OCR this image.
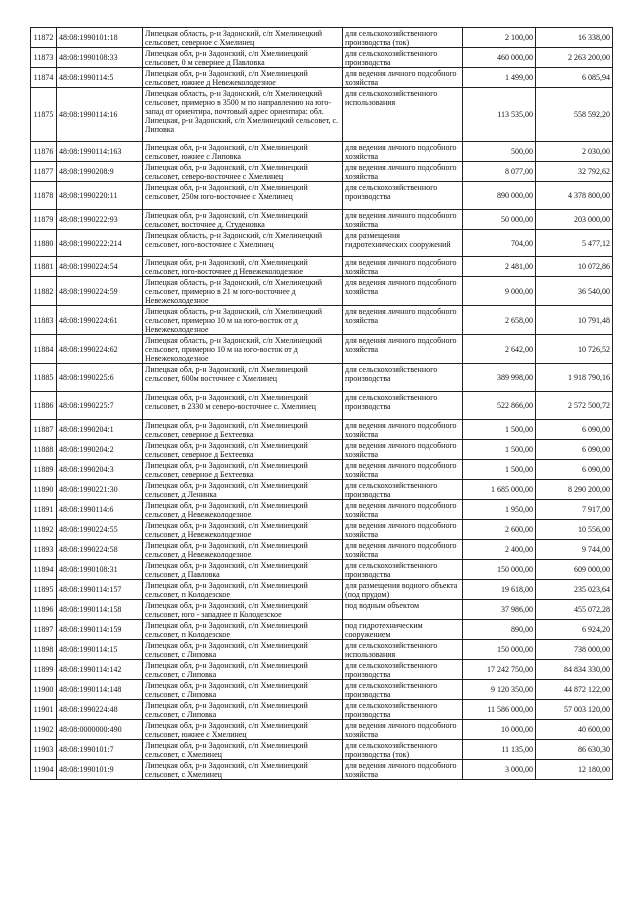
11872	48:08:1990101:18	Липецкая область, р-н Задонский, с/п Хмелинецкий сельсовет, северное с Хмелинец	для сельскохозяйственного производства (ток)	2 100,00	16 338,00
11873	48:08:1990108:33	Липецкая обл, р-н Задонский, с/п Хмелинецкий сельсовет, 0 м севернее д Павловка	для сельскохозяйственного производства	460 000,00	2 263 200,00
11874	48:08:1990114:5	Липецкая обл, р-н Задонский, с/п Хмелинецкий сельсовет, южнее д Невежеколодезное	для ведения личного подсобного хозяйства	1 499,00	6 085,94
11875	48:08:1990114:16	Липецкая область, р-н Задонский, с/п Хмелинецкий сельсовет, примерно в 3500 м по направлению на юго-запад от ориентира, почтовый адрес ориентира: обл. Липецкая, р-н Задонский, с/п Хмелинецкий сельсовет, с. Липовка	для сельскохозяйственного использования	113 535,00	558 592,20
11876	48:08:1990114:163	Липецкая обл, р-н Задонский, с/п Хмелинецкий сельсовет, южнее с Липовка	для ведения личного подсобного хозяйства	500,00	2 030,00
11877	48:08:1990208:9	Липецкая обл, р-н Задонский, с/п Хмелинецкий сельсовет, северо-восточнее с Хмелинец	для ведения личного подсобного хозяйства	8 077,00	32 792,62
11878	48:08:1990220:11	Липецкая обл, р-н Задонский, с/п Хмелинецкий сельсовет, 250м юго-восточнее с Хмелинец	для сельскохозяйственного производства	890 000,00	4 378 800,00
11879	48:08:1990222:93	Липецкая обл, р-н Задонский, с/п Хмелинецкий сельсовет, восточнее д. Студеновка	для ведения личного подсобного хозяйства	50 000,00	203 000,00
11880	48:08:1990222:214	Липецкая область, р-н Задонский, с/п Хмелинецкий сельсовет, юго-восточнее с Хмелинец	для размещения гидротехнических сооружений	704,00	5 477,12
11881	48:08:1990224:54	Липецкая обл, р-н Задонский, с/п Хмелинецкий сельсовет, юго-восточнее д Невежеколодезное	для ведения личного подсобного хозяйства	2 481,00	10 072,86
11882	48:08:1990224:59	Липецкая область, р-н Задонский, с/п Хмелинецкий сельсовет, примерно в 21 м юго-восточнее д Невежеколодезное	для ведения личного подсобного хозяйства	9 000,00	36 540,00
11883	48:08:1990224:61	Липецкая область, р-н Задонский, с/п Хмелинецкий сельсовет, примерно 10 м на юго-восток от д Невежеколодезное	для ведения личного подсобного хозяйства	2 658,00	10 791,48
11884	48:08:1990224:62	Липецкая область, р-н Задонский, с/п Хмелинецкий сельсовет, примерно 10 м на юго-восток от д Невежеколодезное	для ведения личного подсобного хозяйства	2 642,00	10 726,52
11885	48:08:1990225:6	Липецкая обл, р-н Задонский, с/п Хмелинецкий сельсовет, 600м восточнее с Хмелинец	для сельскохозяйственного производства	389 998,00	1 918 790,16
11886	48:08:1990225:7	Липецкая обл, р-н Задонский, с/п Хмелинецкий сельсовет, в 2330 м северо-восточнее с. Хмелинец	для сельскохозяйственного производства	522 866,00	2 572 500,72
11887	48:08:1990204:1	Липецкая обл, р-н Задонский, с/п Хмелинецкий сельсовет, северное д Бехтеевка	для ведения личного подсобного хозяйства	1 500,00	6 090,00
11888	48:08:1990204:2	Липецкая обл, р-н Задонский, с/п Хмелинецкий сельсовет, северное д Бехтеевка	для ведения личного подсобного хозяйства	1 500,00	6 090,00
11889	48:08:1990204:3	Липецкая обл, р-н Задонский, с/п Хмелинецкий сельсовет, северное д Бехтеевка	для ведения личного подсобного хозяйства	1 500,00	6 090,00
11890	48:08:1990221:30	Липецкая обл, р-н Задонский, с/п Хмелинецкий сельсовет, д Ленинка	для сельскохозяйственного производства	1 685 000,00	8 290 200,00
11891	48:08:1990114:6	Липецкая обл, р-н Задонский, с/п Хмелинецкий сельсовет, д Невежеколодезное	для ведения личного подсобного хозяйства	1 950,00	7 917,00
11892	48:08:1990224:55	Липецкая обл, р-н Задонский, с/п Хмелинецкий сельсовет, д Невежеколодезное	для ведения личного подсобного хозяйства	2 600,00	10 556,00
11893	48:08:1990224:58	Липецкая обл, р-н Задонский, с/п Хмелинецкий сельсовет, д Невежеколодезное	для ведения личного подсобного хозяйства	2 400,00	9 744,00
11894	48:08:1990108:31	Липецкая обл, р-н Задонский, с/п Хмелинецкий сельсовет, д Павловка	для сельскохозяйственного производства	150 000,00	609 000,00
11895	48:08:1990114:157	Липецкая обл, р-н Задонский, с/п Хмелинецкий сельсовет, п Колодезское	для размещения водного объекта (под прудом)	19 618,00	235 023,64
11896	48:08:1990114:158	Липецкая обл, р-н Задонский, с/п Хмелинецкий сельсовет, юго - западнее п Колодезское	под водным объектом	37 986,00	455 072,28
11897	48:08:1990114:159	Липецкая обл, р-н Задонский, с/п Хмелинецкий сельсовет, п Колодезское	под гидротехническим сооружением	890,00	6 924,20
11898	48:08:1990114:15	Липецкая обл, р-н Задонский, с/п Хмелинецкий сельсовет, с Липовка	для сельскохозяйственного использования	150 000,00	738 000,00
11899	48:08:1990114:142	Липецкая обл, р-н Задонский, с/п Хмелинецкий сельсовет, с Липовка	для сельскохозяйственного производства	17 242 750,00	84 834 330,00
11900	48:08:1990114:148	Липецкая обл, р-н Задонский, с/п Хмелинецкий сельсовет, с Липовка	для сельскохозяйственного производства	9 120 350,00	44 872 122,00
11901	48:08:1990224:48	Липецкая обл, р-н Задонский, с/п Хмелинецкий сельсовет, с Липовка	для сельскохозяйственного производства	11 586 000,00	57 003 120,00
11902	48:08:0000000:490	Липецкая обл, р-н Задонский, с/п Хмелинецкий сельсовет, южнее с Хмелинец	для ведения личного подсобного хозяйства	10 000,00	40 600,00
11903	48:08:1990101:7	Липецкая обл, р-н Задонский, с/п Хмелинецкий сельсовет, с Хмелинец	для сельскохозяйственного производства (ток)	11 135,00	86 630,30
11904	48:08:1990101:9	Липецкая обл, р-н Задонский, с/п Хмелинецкий сельсовет, с Хмелинец	для ведения личного подсобного хозяйства	3 000,00	12 180,00
